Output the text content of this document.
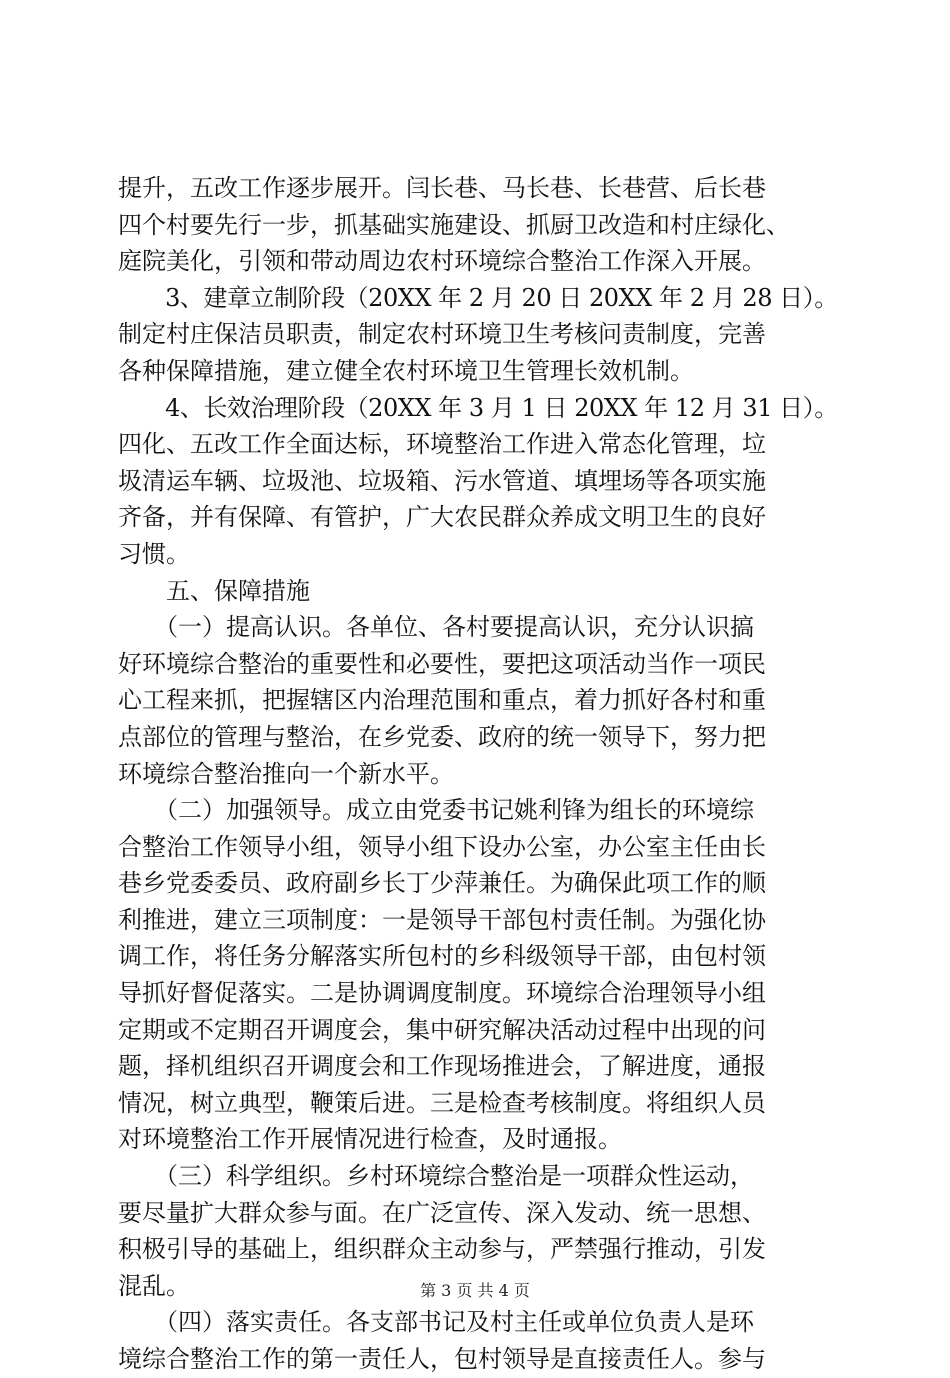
提升，五改工作逐步展开。闫长巷、马长巷、长巷营、后长巷
四个村要先行一步，抓基础实施建设、抓厨卫改造和村庄绿化、
庭院美化，引领和带动周边农村环境综合整治工作深入开展。
　　3、建章立制阶段（20XX 年 2 月 20 日 20XX 年 2 月 28 日）。
制定村庄保洁员职责，制定农村环境卫生考核问责制度，完善
各种保障措施，建立健全农村环境卫生管理长效机制。
　　4、长效治理阶段（20XX 年 3 月 1 日 20XX 年 12 月 31 日）。
四化、五改工作全面达标，环境整治工作进入常态化管理，垃
圾清运车辆、垃圾池、垃圾箱、污水管道、填埋场等各项实施
齐备，并有保障、有管护，广大农民群众养成文明卫生的良好
习惯。
　　五、保障措施
　　（一）提高认识。各单位、各村要提高认识，充分认识搞
好环境综合整治的重要性和必要性，要把这项活动当作一项民
心工程来抓，把握辖区内治理范围和重点，着力抓好各村和重
点部位的管理与整治，在乡党委、政府的统一领导下，努力把
环境综合整治推向一个新水平。
　　（二）加强领导。成立由党委书记姚利锋为组长的环境综
合整治工作领导小组，领导小组下设办公室，办公室主任由长
巷乡党委委员、政府副乡长丁少萍兼任。为确保此项工作的顺
利推进，建立三项制度：一是领导干部包村责任制。为强化协
调工作，将任务分解落实所包村的乡科级领导干部，由包村领
导抓好督促落实。二是协调调度制度。环境综合治理领导小组
定期或不定期召开调度会，集中研究解决活动过程中出现的问
题，择机组织召开调度会和工作现场推进会，了解进度，通报
情况，树立典型，鞭策后进。三是检查考核制度。将组织人员
对环境整治工作开展情况进行检查，及时通报。
　　（三）科学组织。乡村环境综合整治是一项群众性运动，
要尽量扩大群众参与面。在广泛宣传、深入发动、统一思想、
积极引导的基础上，组织群众主动参与，严禁强行推动，引发
混乱。
　　（四）落实责任。各支部书记及村主任或单位负责人是环
境综合整治工作的第一责任人，包村领导是直接责任人。参与
第 3 页 共 4 页
